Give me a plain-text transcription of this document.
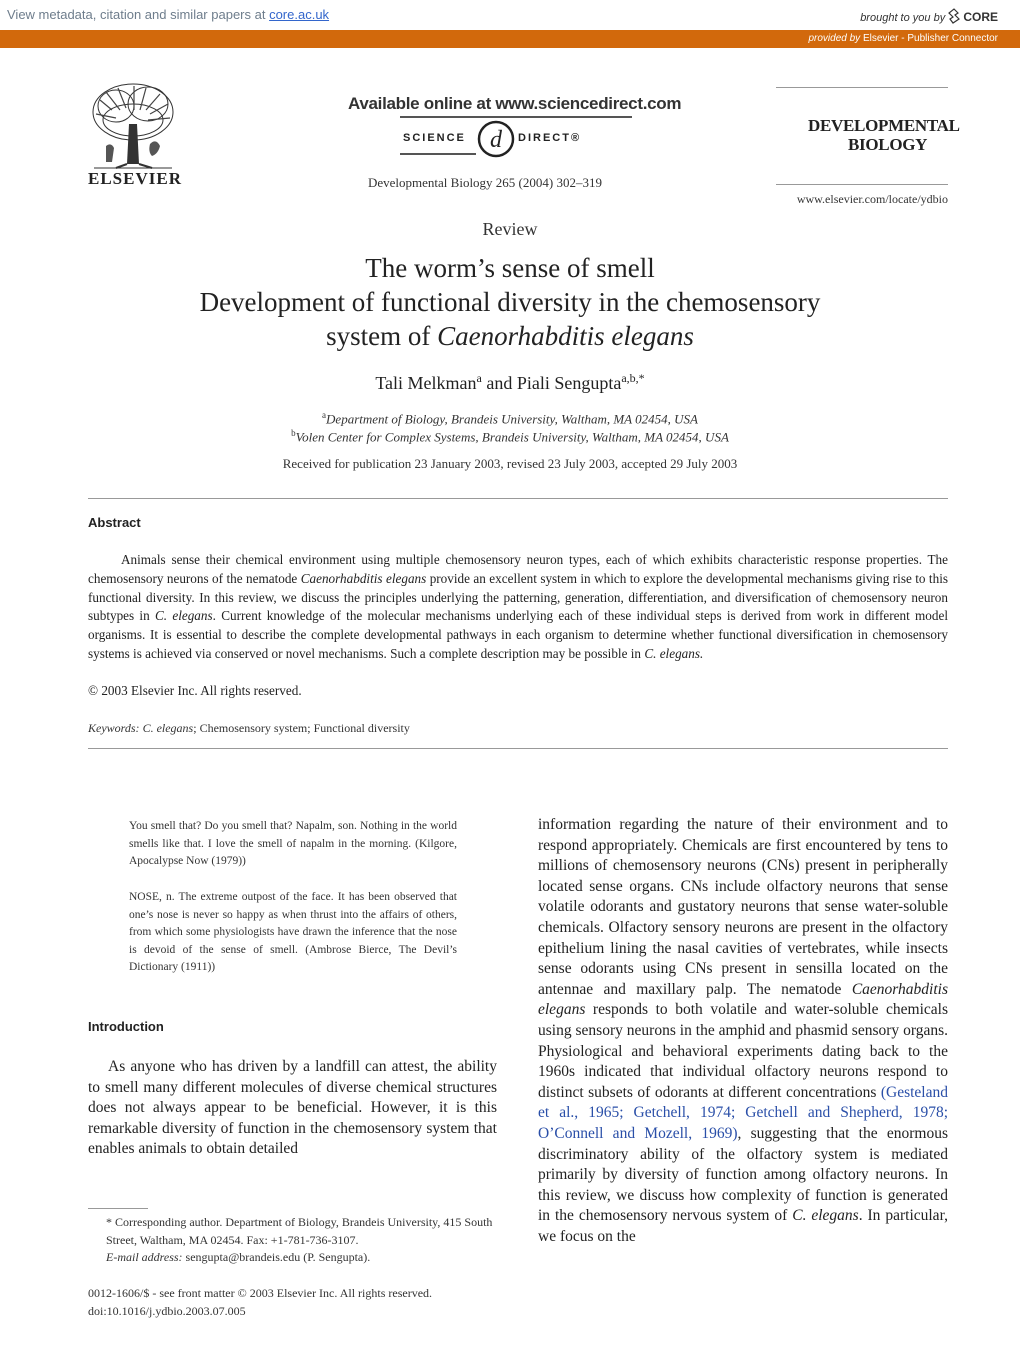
View metadata, citation and similar papers at core.ac.uk	brought to you by CORE
provided by Elsevier - Publisher Connector
ELSEVIER
Available online at www.sciencedirect.com
SCIENCE d DIRECT®
Developmental Biology 265 (2004) 302–319
DEVELOPMENTAL
BIOLOGY
www.elsevier.com/locate/ydbio
Review
The worm’s sense of smell
Development of functional diversity in the chemosensory
system of Caenorhabditis elegans
Tali Melkman$^a$ and Piali Sengupta$^{a,b,*}$
$^a$Department of Biology, Brandeis University, Waltham, MA 02454, USA
$^b$Volen Center for Complex Systems, Brandeis University, Waltham, MA 02454, USA
Received for publication 23 January 2003, revised 23 July 2003, accepted 29 July 2003
Abstract
Animals sense their chemical environment using multiple chemosensory neuron types, each of which exhibits characteristic response properties. The chemosensory neurons of the nematode Caenorhabditis elegans provide an excellent system in which to explore the developmental mechanisms giving rise to this functional diversity. In this review, we discuss the principles underlying the patterning, generation, differentiation, and diversification of chemosensory neuron subtypes in C. elegans. Current knowledge of the molecular mechanisms underlying each of these individual steps is derived from work in different model organisms. It is essential to describe the complete developmental pathways in each organism to determine whether functional diversification in chemosensory systems is achieved via conserved or novel mechanisms. Such a complete description may be possible in C. elegans.
© 2003 Elsevier Inc. All rights reserved.
Keywords: C. elegans; Chemosensory system; Functional diversity
You smell that? Do you smell that? Napalm, son. Nothing in the world smells like that. I love the smell of napalm in the morning. (Kilgore, Apocalypse Now (1979))
NOSE, n. The extreme outpost of the face. It has been observed that one’s nose is never so happy as when thrust into the affairs of others, from which some physiologists have drawn the inference that the nose is devoid of the sense of smell. (Ambrose Bierce, The Devil’s Dictionary (1911))
Introduction
As anyone who has driven by a landfill can attest, the ability to smell many different molecules of diverse chemical structures does not always appear to be beneficial. However, it is this remarkable diversity of function in the chemosensory system that enables animals to obtain detailed
* Corresponding author. Department of Biology, Brandeis University, 415 South Street, Waltham, MA 02454. Fax: +1-781-736-3107.
E-mail address: sengupta@brandeis.edu (P. Sengupta).
0012-1606/$ - see front matter © 2003 Elsevier Inc. All rights reserved.
doi:10.1016/j.ydbio.2003.07.005
information regarding the nature of their environment and to respond appropriately. Chemicals are first encountered by tens to millions of chemosensory neurons (CNs) present in peripherally located sense organs. CNs include olfactory neurons that sense volatile odorants and gustatory neurons that sense water-soluble chemicals. Olfactory sensory neurons are present in the olfactory epithelium lining the nasal cavities of vertebrates, while insects sense odorants using CNs present in sensilla located on the antennae and maxillary palp. The nematode Caenorhabditis elegans responds to both volatile and water-soluble chemicals using sensory neurons in the amphid and phasmid sensory organs. Physiological and behavioral experiments dating back to the 1960s indicated that individual olfactory neurons respond to distinct subsets of odorants at different concentrations (Gesteland et al., 1965; Getchell, 1974; Getchell and Shepherd, 1978; O’Connell and Mozell, 1969), suggesting that the enormous discriminatory ability of the olfactory system is mediated primarily by diversity of function among olfactory neurons. In this review, we discuss how complexity of function is generated in the chemosensory nervous system of C. elegans. In particular, we focus on the
